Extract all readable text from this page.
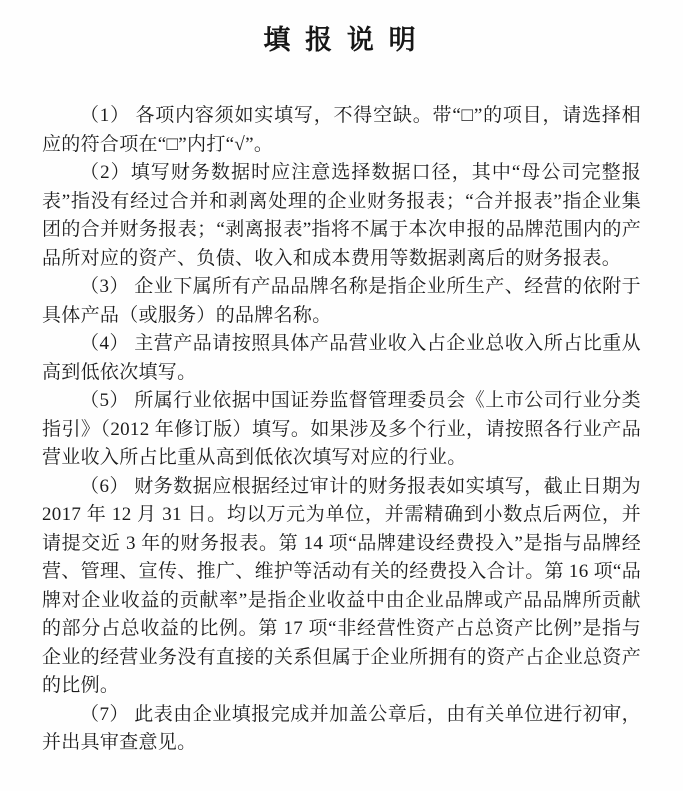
填 报 说 明

（1） 各项内容须如实填写，不得空缺。带“□”的项目，请选择相应的符合项在“□”内打“√”。

（2）填写财务数据时应注意选择数据口径，其中“母公司完整报表”指没有经过合并和剥离处理的企业财务报表；“合并报表”指企业集团的合并财务报表；“剥离报表”指将不属于本次申报的品牌范围内的产品所对应的资产、负债、收入和成本费用等数据剥离后的财务报表。

（3） 企业下属所有产品品牌名称是指企业所生产、经营的依附于具体产品（或服务）的品牌名称。

（4） 主营产品请按照具体产品营业收入占企业总收入所占比重从高到低依次填写。

（5） 所属行业依据中国证券监督管理委员会《上市公司行业分类指引》（2012 年修订版）填写。如果涉及多个行业，请按照各行业产品营业收入所占比重从高到低依次填写对应的行业。

（6） 财务数据应根据经过审计的财务报表如实填写，截止日期为 2017 年 12 月 31 日。均以万元为单位，并需精确到小数点后两位，并请提交近 3 年的财务报表。第 14 项“品牌建设经费投入”是指与品牌经营、管理、宣传、推广、维护等活动有关的经费投入合计。第 16 项“品牌对企业收益的贡献率”是指企业收益中由企业品牌或产品品牌所贡献的部分占总收益的比例。第 17 项“非经营性资产占总资产比例”是指与企业的经营业务没有直接的关系但属于企业所拥有的资产占企业总资产的比例。

（7） 此表由企业填报完成并加盖公章后，由有关单位进行初审，并出具审查意见。
